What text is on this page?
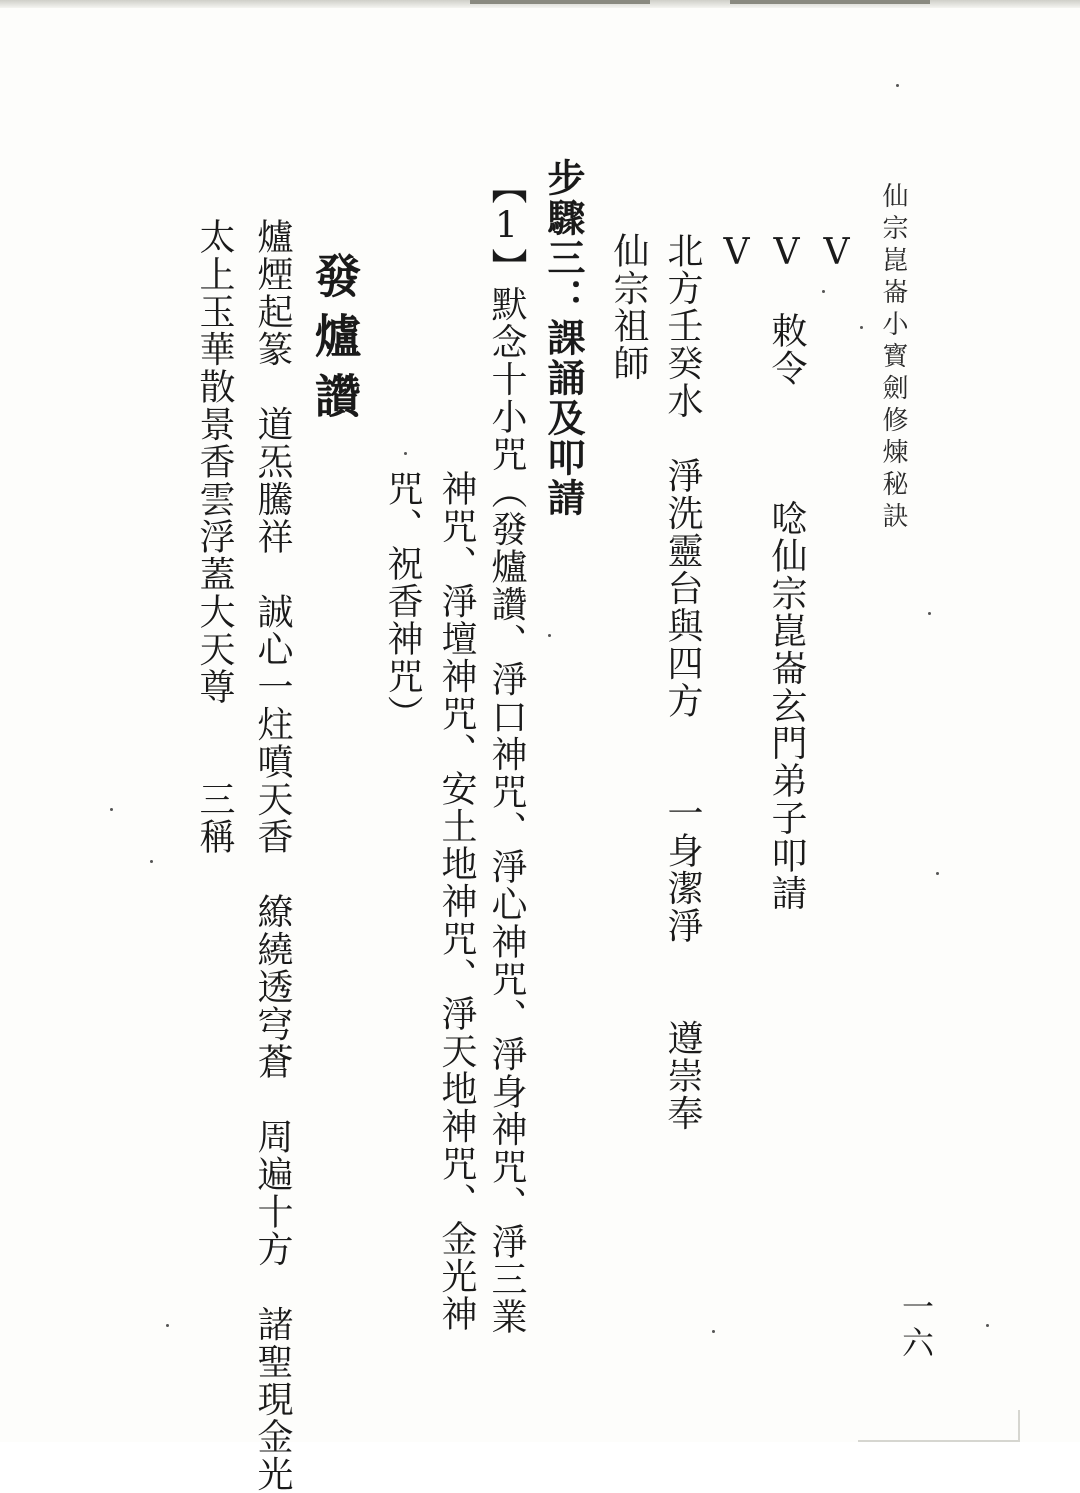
仙宗崑崙小寳劍修煉秘訣
V
V　敕令　　　唸仙宗崑崙玄門弟子叩請
V
北方壬癸水　淨洗靈台與四方　　一身潔淨　　遵崇奉
仙宗祖師
步驟三：課誦及叩請
【1】默念十小咒（發爐讚、淨口神咒、淨心神咒、淨身神咒、淨三業
神咒、淨壇神咒、安土地神咒、淨天地神咒、金光神
咒、祝香神咒）
發爐讚
爐煙起篆　道炁騰祥　誠心一炷噴天香　繚繞透穹蒼　周遍十方　諸聖現金光
太上玉華散景香雲浮蓋大天尊　　三稱
一六
